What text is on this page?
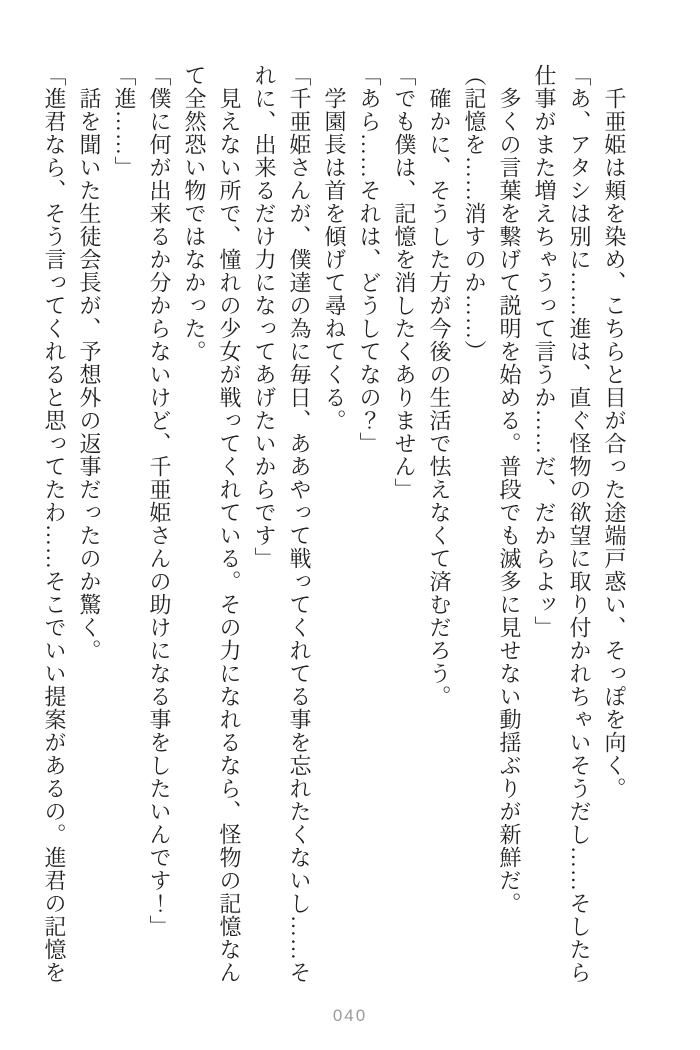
　千亜姫は頬を染め、こちらと目が合った途端戸惑い、そっぽを向く。

「あ、アタシは別に……進は、直ぐ怪物の欲望に取り付かれちゃいそうだし……そしたら

仕事がまた増えちゃうって言うか……だ、だからよッ」

　多くの言葉を繋げて説明を始める。普段でも滅多に見せない動揺ぶりが新鮮だ。

（記憶を……消すのか……）

　確かに、そうした方が今後の生活で怯えなくて済むだろう。

「でも僕は、記憶を消したくありません」

「あら……それは、どうしてなの？」

　学園長は首を傾げて尋ねてくる。

「千亜姫さんが、僕達の為に毎日、ああやって戦ってくれてる事を忘れたくないし……そ

れに、出来るだけ力になってあげたいからです」

　見えない所で、憧れの少女が戦ってくれている。その力になれるなら、怪物の記憶なん

て全然恐い物ではなかった。

「僕に何が出来るか分からないけど、千亜姫さんの助けになる事をしたいんです！」

「進……」

　話を聞いた生徒会長が、予想外の返事だったのか驚く。

「進君なら、そう言ってくれると思ってたわ……そこでいい提案があるの。進君の記憶を

040
